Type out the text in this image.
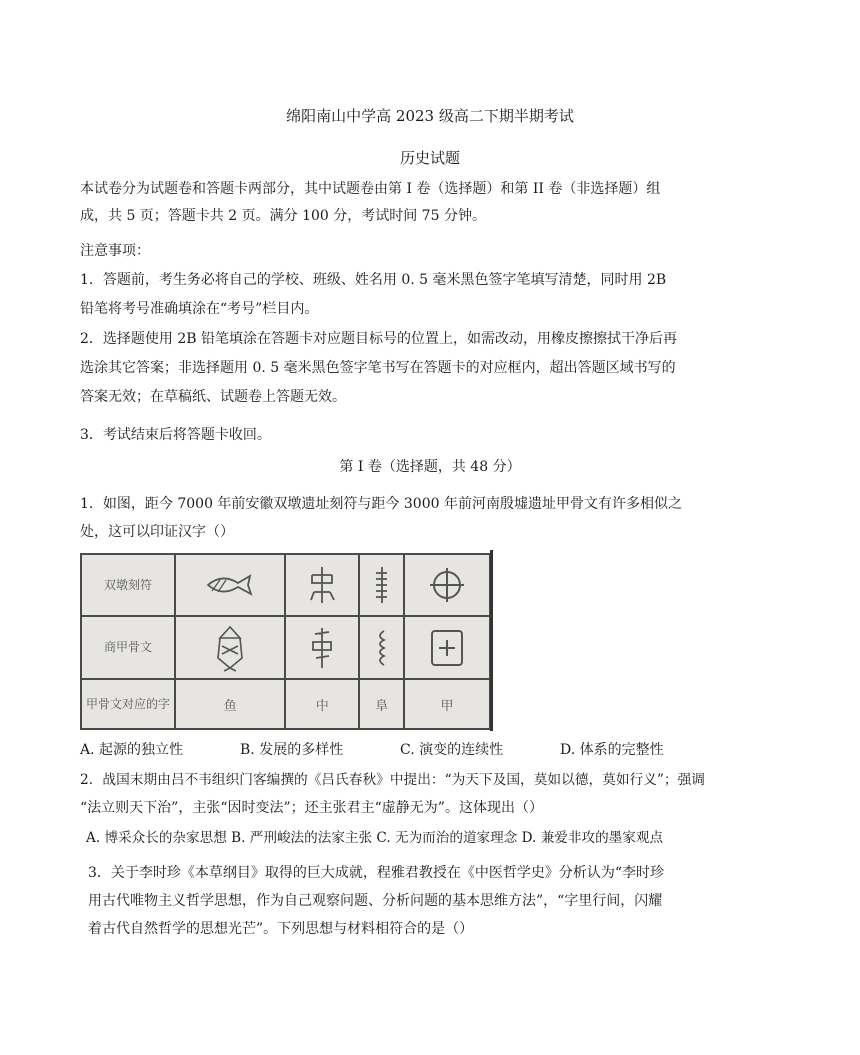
绵阳南山中学高 2023 级高二下期半期考试
历史试题
本试卷分为试题卷和答题卡两部分，其中试题卷由第 I 卷（选择题）和第 II 卷（非选择题）组
成，共 5 页；答题卡共 2 页。满分 100 分，考试时间 75 分钟。
注意事项：
1．答题前，考生务必将自己的学校、班级、姓名用 0. 5 毫米黑色签字笔填写清楚，同时用 2B
铅笔将考号准确填涂在“考号”栏目内。
2．选择题使用 2B 铅笔填涂在答题卡对应题目标号的位置上，如需改动，用橡皮擦擦拭干净后再
选涂其它答案；非选择题用 0. 5 毫米黑色签字笔书写在答题卡的对应框内，超出答题区域书写的
答案无效；在草稿纸、试题卷上答题无效。
3．考试结束后将答题卡收回。
第 I 卷（选择题，共 48 分）
1．如图，距今 7000 年前安徽双墩遗址刻符与距今 3000 年前河南殷墟遗址甲骨文有许多相似之
处，这可以印证汉字（）
双墩刻符	

商甲骨文	

甲骨文对应的字	鱼	中	阜	甲
A. 起源的独立性	B. 发展的多样性	C. 演变的连续性	D. 体系的完整性
2．战国末期由吕不韦组织门客编撰的《吕氏春秋》中提出：“为天下及国，莫如以德，莫如行义”；强调
“法立则天下治”，主张“因时变法”；还主张君主“虚静无为”。这体现出（）
A. 博采众长的杂家思想 B. 严刑峻法的法家主张 C. 无为而治的道家理念 D. 兼爱非攻的墨家观点
3．关于李时珍《本草纲目》取得的巨大成就，程雅君教授在《中医哲学史》分析认为“李时珍
用古代唯物主义哲学思想，作为自己观察问题、分析问题的基本思维方法”，“字里行间，闪耀
着古代自然哲学的思想光芒”。下列思想与材料相符合的是（）
